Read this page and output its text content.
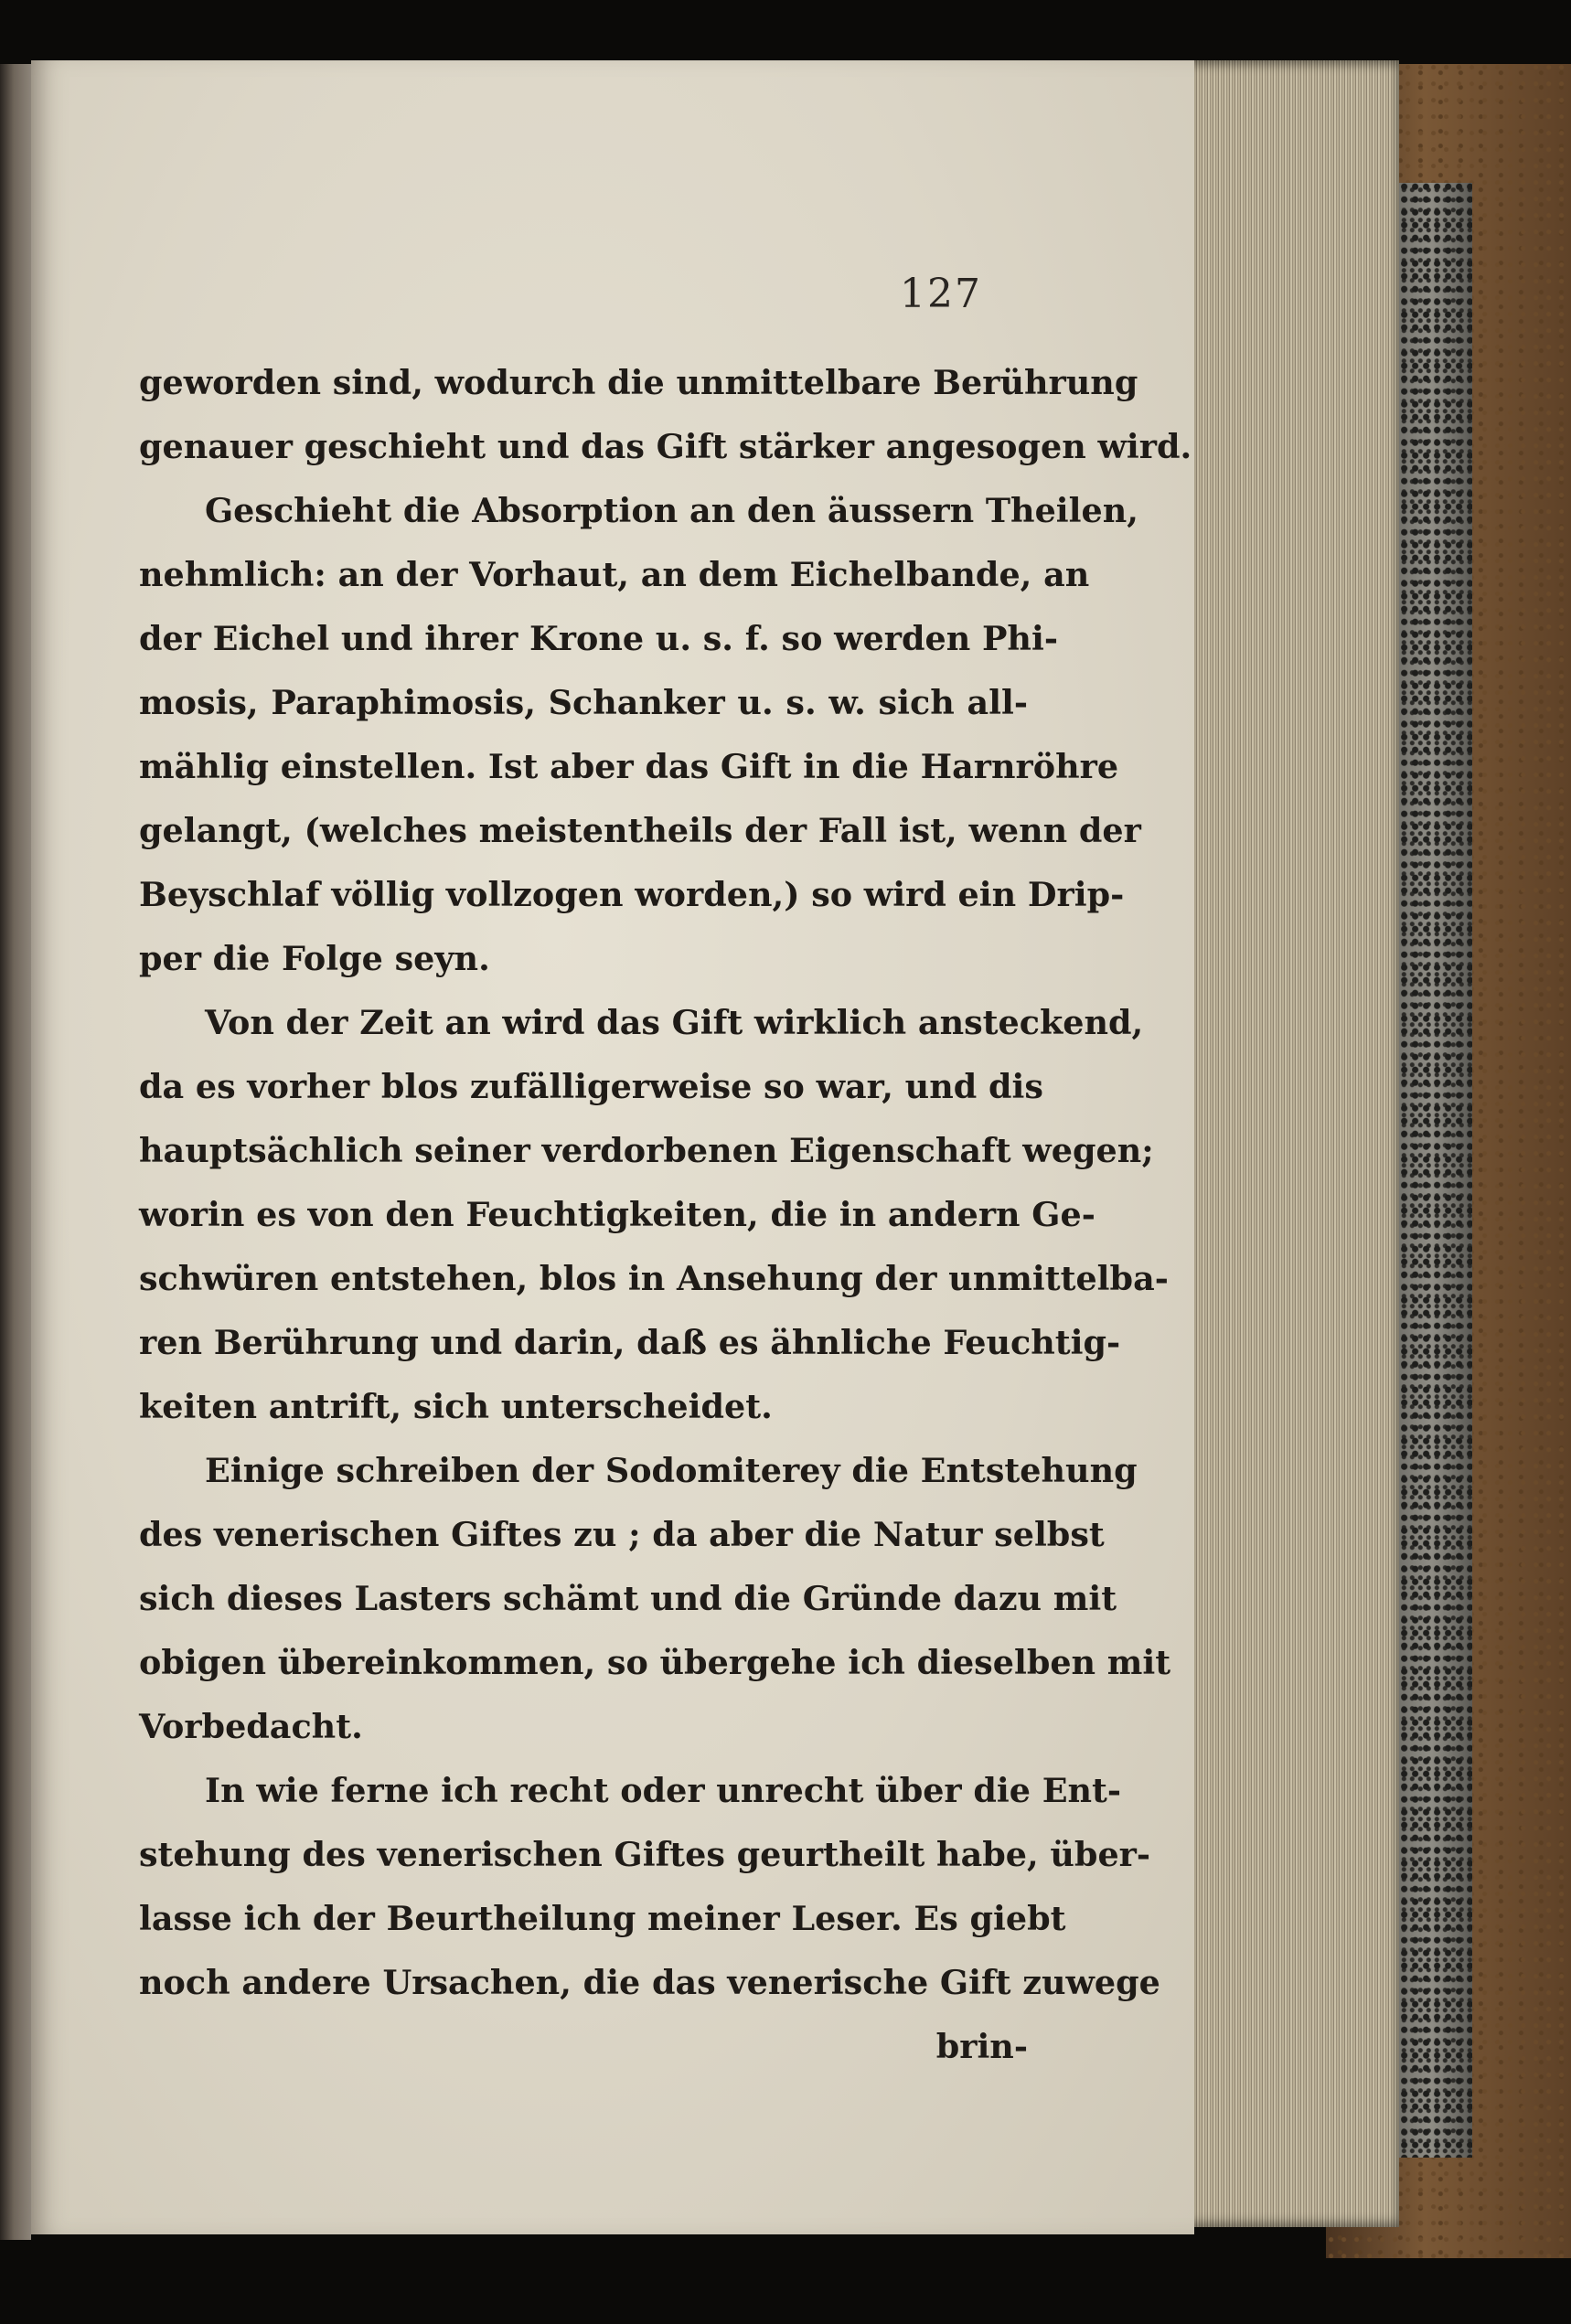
127
geworden sind, wodurch die unmittelbare Berührung
genauer geschieht und das Gift stärker angesogen wird.
Geschieht die Absorption an den äussern Theilen,
nehmlich: an der Vorhaut, an dem Eichelbande, an
der Eichel und ihrer Krone u. s. f. so werden Phi-
mosis, Paraphimosis, Schanker u. s. w. sich all-
mählig einstellen. Ist aber das Gift in die Harnröhre
gelangt, (welches meistentheils der Fall ist, wenn der
Beyschlaf völlig vollzogen worden,) so wird ein Drip-
per die Folge seyn.
Von der Zeit an wird das Gift wirklich ansteckend,
da es vorher blos zufälligerweise so war, und dis
hauptsächlich seiner verdorbenen Eigenschaft wegen;
worin es von den Feuchtigkeiten, die in andern Ge-
schwüren entstehen, blos in Ansehung der unmittelba-
ren Berührung und darin, daß es ähnliche Feuchtig-
keiten antrift, sich unterscheidet.
Einige schreiben der Sodomiterey die Entstehung
des venerischen Giftes zu ; da aber die Natur selbst
sich dieses Lasters schämt und die Gründe dazu mit
obigen übereinkommen, so übergehe ich dieselben mit
Vorbedacht.
In wie ferne ich recht oder unrecht über die Ent-
stehung des venerischen Giftes geurtheilt habe, über-
lasse ich der Beurtheilung meiner Leser. Es giebt
noch andere Ursachen, die das venerische Gift zuwege
brin-
